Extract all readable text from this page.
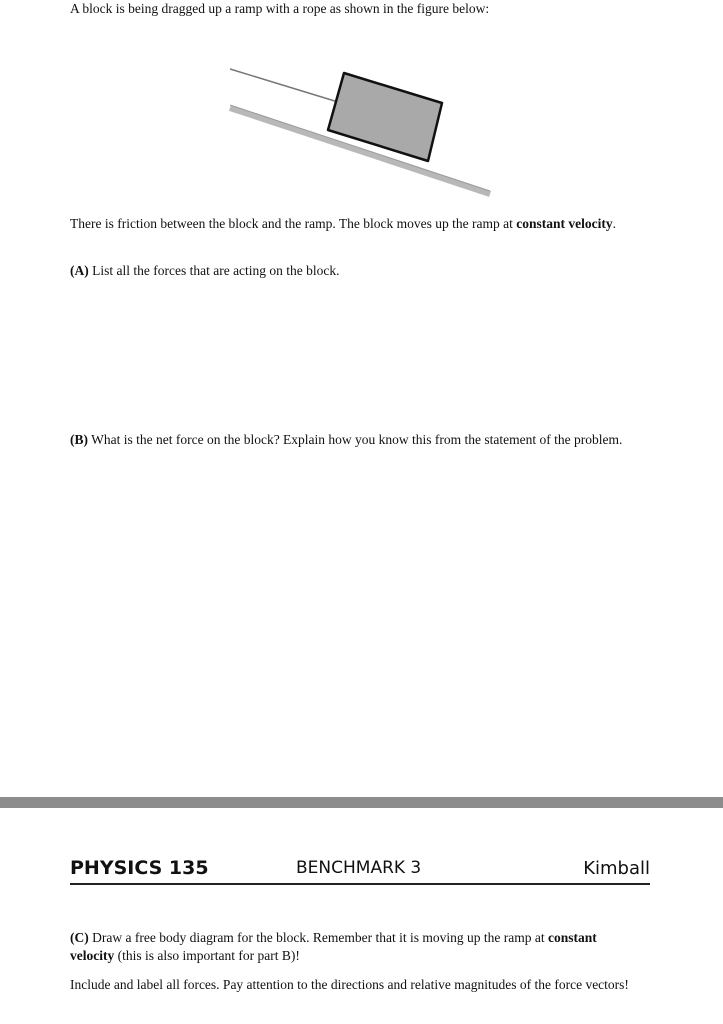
A block is being dragged up a ramp with a rope as shown in the figure below:
There is friction between the block and the ramp. The block moves up the ramp at constant velocity.
(A) List all the forces that are acting on the block.
(B) What is the net force on the block? Explain how you know this from the statement of the problem.
PHYSICS 135	BENCHMARK 3	Kimball
(C) Draw a free body diagram for the block. Remember that it is moving up the ramp at constant velocity (this is also important for part B)!
Include and label all forces. Pay attention to the directions and relative magnitudes of the force vectors!
